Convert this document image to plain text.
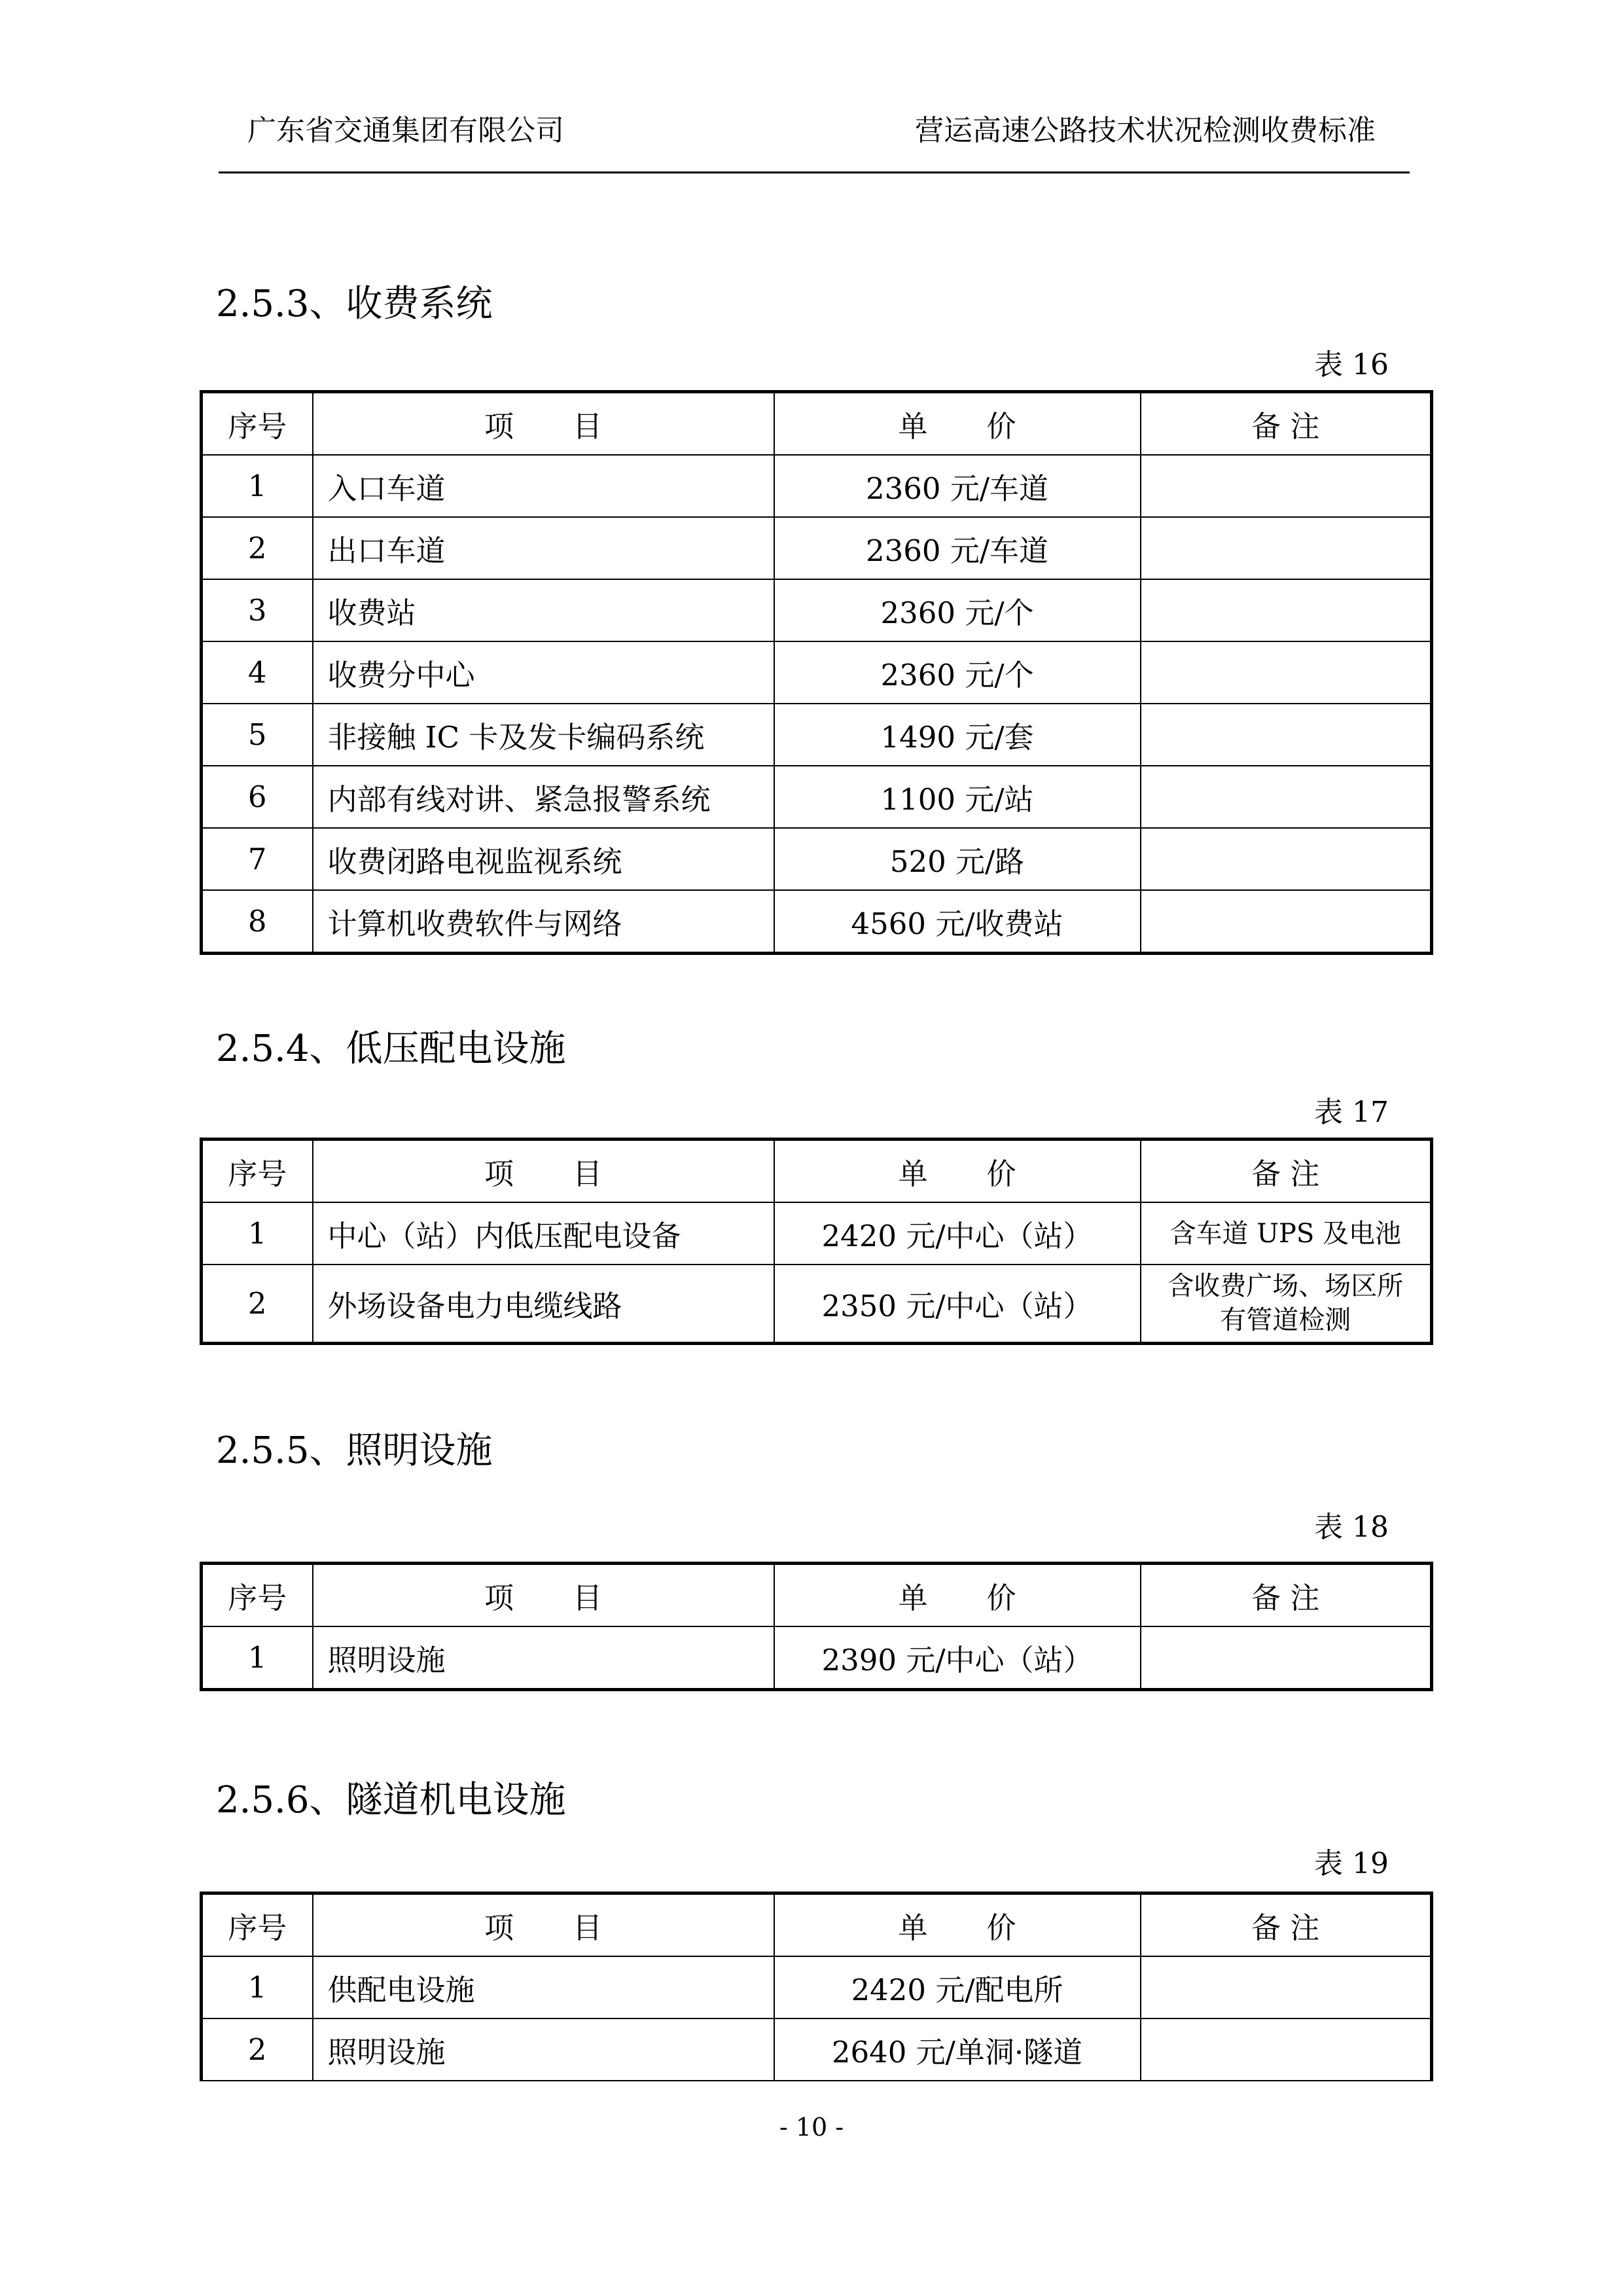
广东省交通集团有限公司	营运高速公路技术状况检测收费标准
2.5.3、收费系统
表 16
序号	项　　目	单　　价	备 注
1	入口车道	2360 元/车道	
2	出口车道	2360 元/车道	
3	收费站	2360 元/个	
4	收费分中心	2360 元/个	
5	非接触 IC 卡及发卡编码系统	1490 元/套	
6	内部有线对讲、紧急报警系统	1100 元/站	
7	收费闭路电视监视系统	520 元/路	
8	计算机收费软件与网络	4560 元/收费站	
2.5.4、低压配电设施
表 17
序号	项　　目	单　　价	备 注
1	中心（站）内低压配电设备	2420 元/中心（站）	含车道 UPS 及电池
2	外场设备电力电缆线路	2350 元/中心（站）	含收费广场、场区所有管道检测
2.5.5、照明设施
表 18
序号	项　　目	单　　价	备 注
1	照明设施	2390 元/中心（站）	
2.5.6、隧道机电设施
表 19
序号	项　　目	单　　价	备 注
1	供配电设施	2420 元/配电所	
2	照明设施	2640 元/单洞·隧道	
- 10 -
